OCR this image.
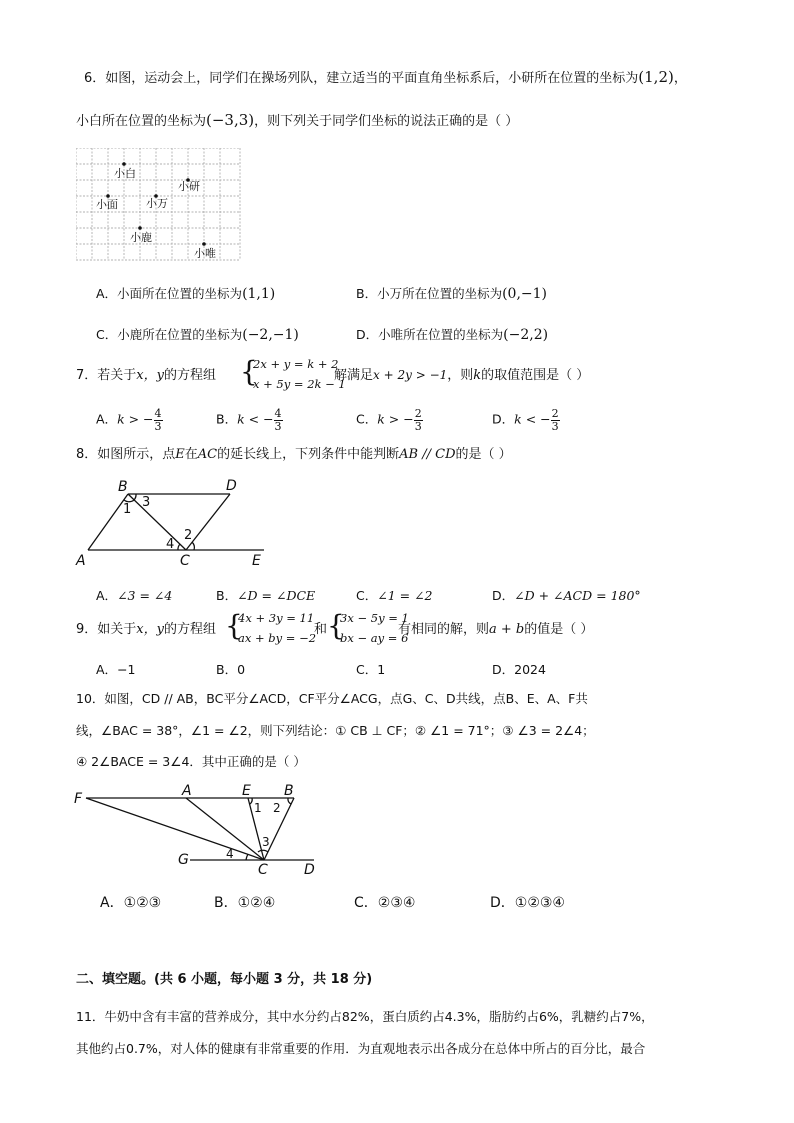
6．如图，运动会上，同学们在操场列队，建立适当的平面直角坐标系后，小研所在位置的坐标为(1,2)，
小白所在位置的坐标为(−3,3)，则下列关于同学们坐标的说法正确的是（ ）
小白
小研
小面	小万
小鹿
小唯
A．小面所在位置的坐标为(1,1)	B．小万所在位置的坐标为(0,−1)
C．小鹿所在位置的坐标为(−2,−1)	D．小唯所在位置的坐标为(−2,2)
7．若关于x，y的方程组 {
2x + y = k + 2
x + 5y = 2k − 1
解满足x + 2y > −1，则k的取值范围是（ ）
A．k > − $\frac{4}{3}$	B．k < − $\frac{4}{3}$	C．k > − $\frac{2}{3}$	D．k < − $\frac{2}{3}$
8．如图所示，点E在AC的延长线上，下列条件中能判断AB // CD的是（ ）
B	D
A	C	E
1 3
2
4
A．∠3 = ∠4	B．∠D = ∠DCE	C．∠1 = ∠2	D．∠D + ∠ACD = 180°
9．如关于x，y的方程组 {
4x + 3y = 11
ax + by = −2
和 {
3x − 5y = 1
bx − ay = 6
有相同的解，则a + b的值是（ ）
A．−1	B．0	C．1	D．2024
10．如图，CD // AB，BC平分∠ACD，CF平分∠ACG，点G、C、D共线，点B、E、A、F共
线，∠BAC = 38°，∠1 = ∠2，则下列结论：① CB ⊥ CF；② ∠1 = 71°；③ ∠3 = 2∠4；
④ 2∠BACE = 3∠4．其中正确的是（ ）
F	A	E B
G
C	D
1 2
3
4
A．①②③	B．①②④	C．②③④	D．①②③④
二、填空题。(共 6 小题，每小题 3 分，共 18 分)
11．牛奶中含有丰富的营养成分，其中水分约占82%，蛋白质约占4.3%，脂肪约占6%，乳糖约占7%，
其他约占0.7%，对人体的健康有非常重要的作用．为直观地表示出各成分在总体中所占的百分比，最合
